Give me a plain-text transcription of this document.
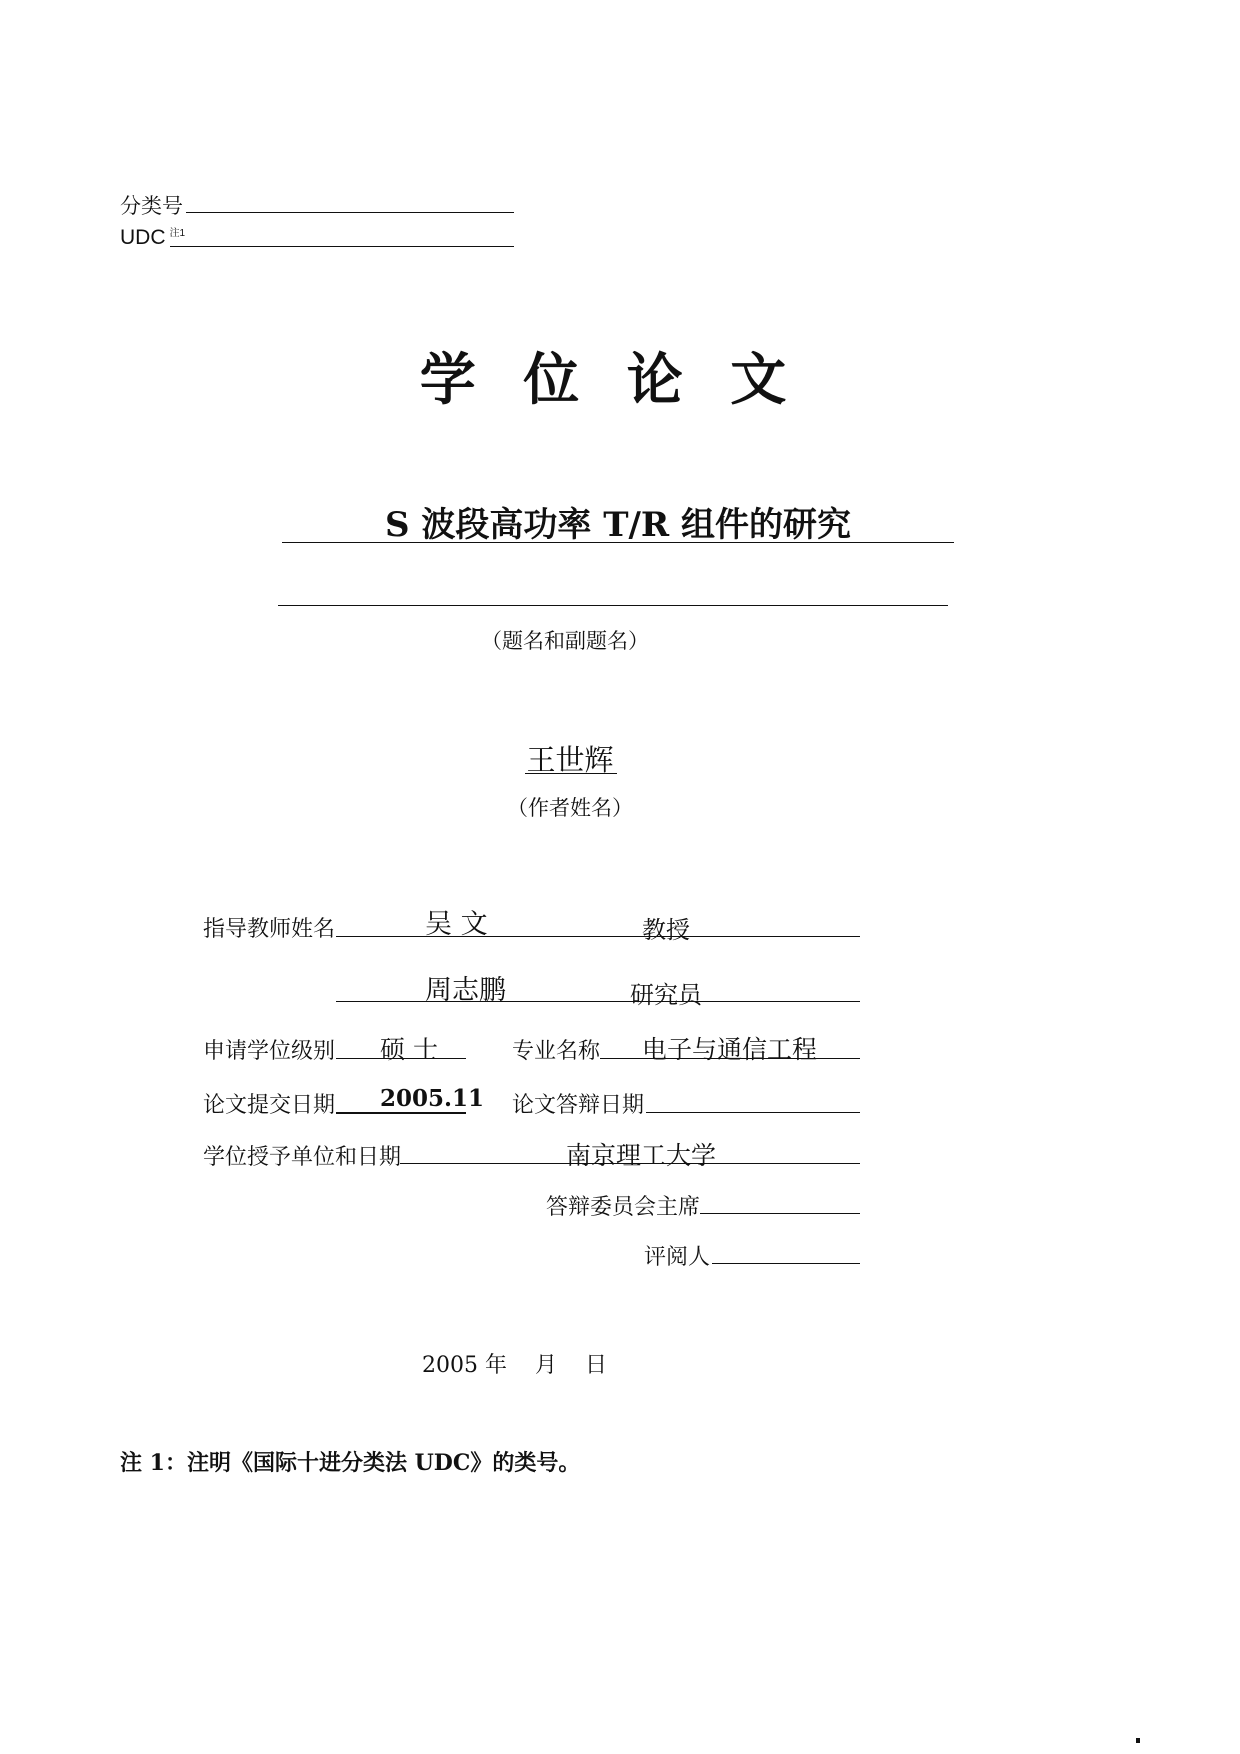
分类号
UDC $^{注1}$
学 位 论 文
S 波段高功率 T/R 组件的研究
（题名和副题名）
王世辉
（作者姓名）
指导教师姓名	吴 文	教授
周志鹏	研究员
申请学位级别 硕 士	专业名称 电子与通信工程
论文提交日期 2005.11 论文答辩日期
学位授予单位和日期	南京理工大学
答辩委员会主席
评阅人
2005 年 月 日
注 1：注明《国际十进分类法 UDC》的类号。
